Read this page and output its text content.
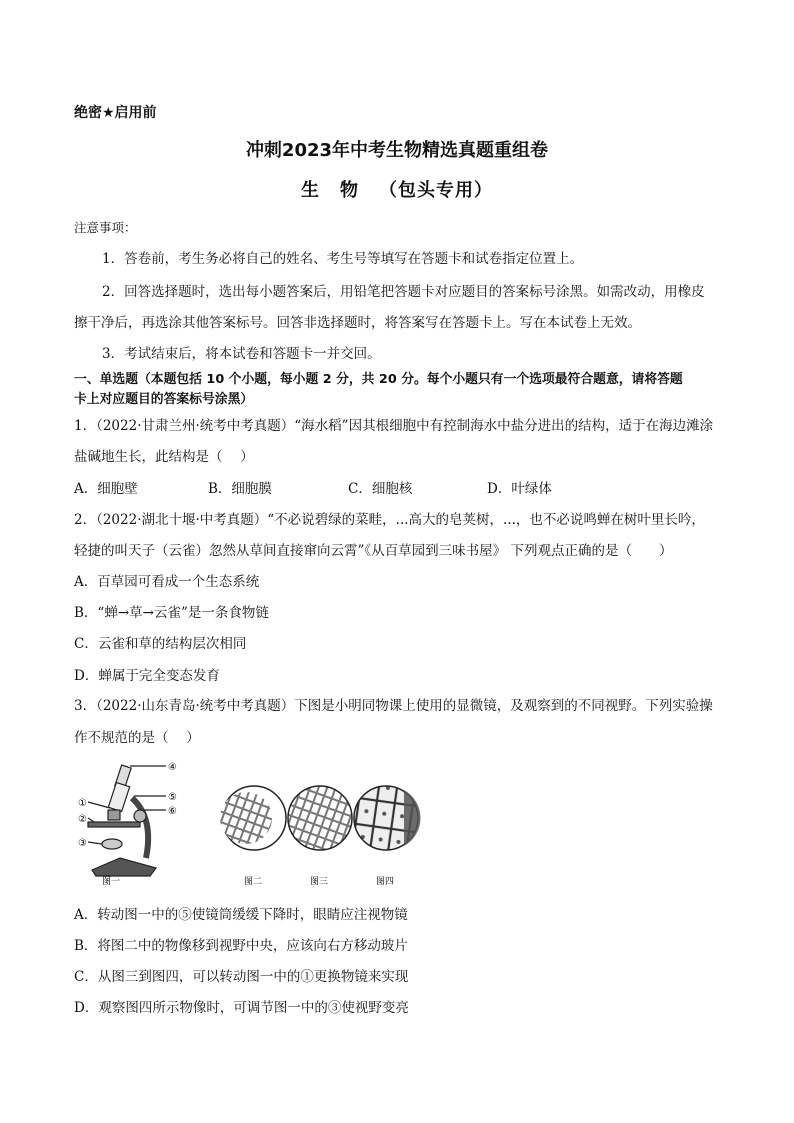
绝密★启用前
冲刺2023年中考生物精选真题重组卷
生 物 （包头专用）
注意事项：
1．答卷前，考生务必将自己的姓名、考生号等填写在答题卡和试卷指定位置上。
2．回答选择题时，选出每小题答案后，用铅笔把答题卡对应题目的答案标号涂黑。如需改动，用橡皮
擦干净后，再选涂其他答案标号。回答非选择题时，将答案写在答题卡上。写在本试卷上无效。
3．考试结束后，将本试卷和答题卡一并交回。
一、单选题（本题包括 10 个小题，每小题 2 分，共 20 分。每个小题只有一个选项最符合题意，请将答题
卡上对应题目的答案标号涂黑）
1．（2022·甘肃兰州·统考中考真题）“海水稻”因其根细胞中有控制海水中盐分进出的结构，适于在海边滩涂
盐碱地生长，此结构是（　 ）
A．细胞壁	B．细胞膜	C．细胞核	D．叶绿体
2．（2022·湖北十堰·中考真题）“不必说碧绿的菜畦，...高大的皂荚树，...，也不必说鸣蝉在树叶里长吟，
轻捷的叫天子（云雀）忽然从草间直接窜向云霄”《从百草园到三味书屋》 下列观点正确的是（　　）
A．百草园可看成一个生态系统
B．“蝉→草→云雀”是一条食物链
C．云雀和草的结构层次相同
D．蝉属于完全变态发育
3．（2022·山东青岛·统考中考真题）下图是小明同物课上使用的显微镜，及观察到的不同视野。下列实验操
作不规范的是（　 ）
①
②
③
④
⑤
⑥
图一	图二	图三	图四
A．转动图一中的⑤使镜筒缓缓下降时，眼睛应注视物镜
B．将图二中的物像移到视野中央，应该向右方移动玻片
C．从图三到图四，可以转动图一中的①更换物镜来实现
D．观察图四所示物像时，可调节图一中的③使视野变亮
